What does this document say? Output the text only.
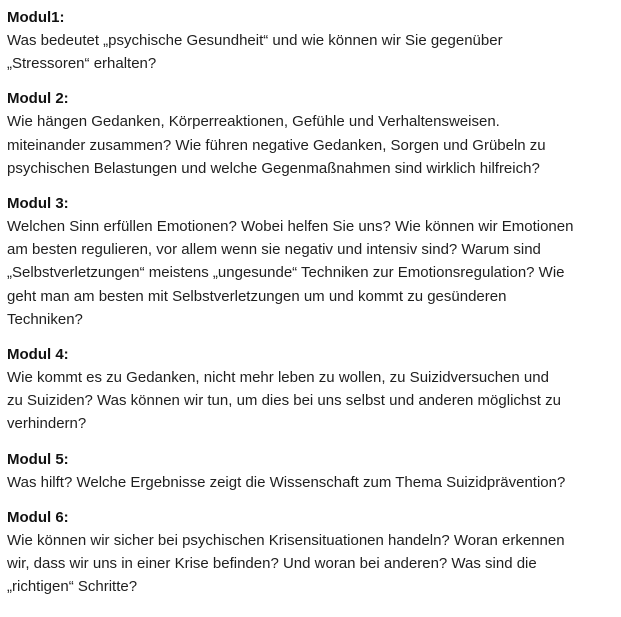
Modul1:
Was bedeutet „psychische Gesundheit“ und wie können wir Sie gegenüber
„Stressoren“ erhalten?
Modul 2:
Wie hängen Gedanken, Körperreaktionen, Gefühle und Verhaltensweisen.
miteinander zusammen? Wie führen negative Gedanken, Sorgen und Grübeln zu
psychischen Belastungen und welche Gegenmaßnahmen sind wirklich hilfreich?
Modul 3:
Welchen Sinn erfüllen Emotionen? Wobei helfen Sie uns? Wie können wir Emotionen
am besten regulieren, vor allem wenn sie negativ und intensiv sind? Warum sind
„Selbstverletzungen“ meistens „ungesunde“ Techniken zur Emotionsregulation? Wie
geht man am besten mit Selbstverletzungen um und kommt zu gesünderen
Techniken?
Modul 4:
Wie kommt es zu Gedanken, nicht mehr leben zu wollen, zu Suizidversuchen und
zu Suiziden? Was können wir tun, um dies bei uns selbst und anderen möglichst zu
verhindern?
Modul 5:
Was hilft? Welche Ergebnisse zeigt die Wissenschaft zum Thema Suizidprävention?
Modul 6:
Wie können wir sicher bei psychischen Krisensituationen handeln? Woran erkennen
wir, dass wir uns in einer Krise befinden? Und woran bei anderen? Was sind die
„richtigen“ Schritte?
